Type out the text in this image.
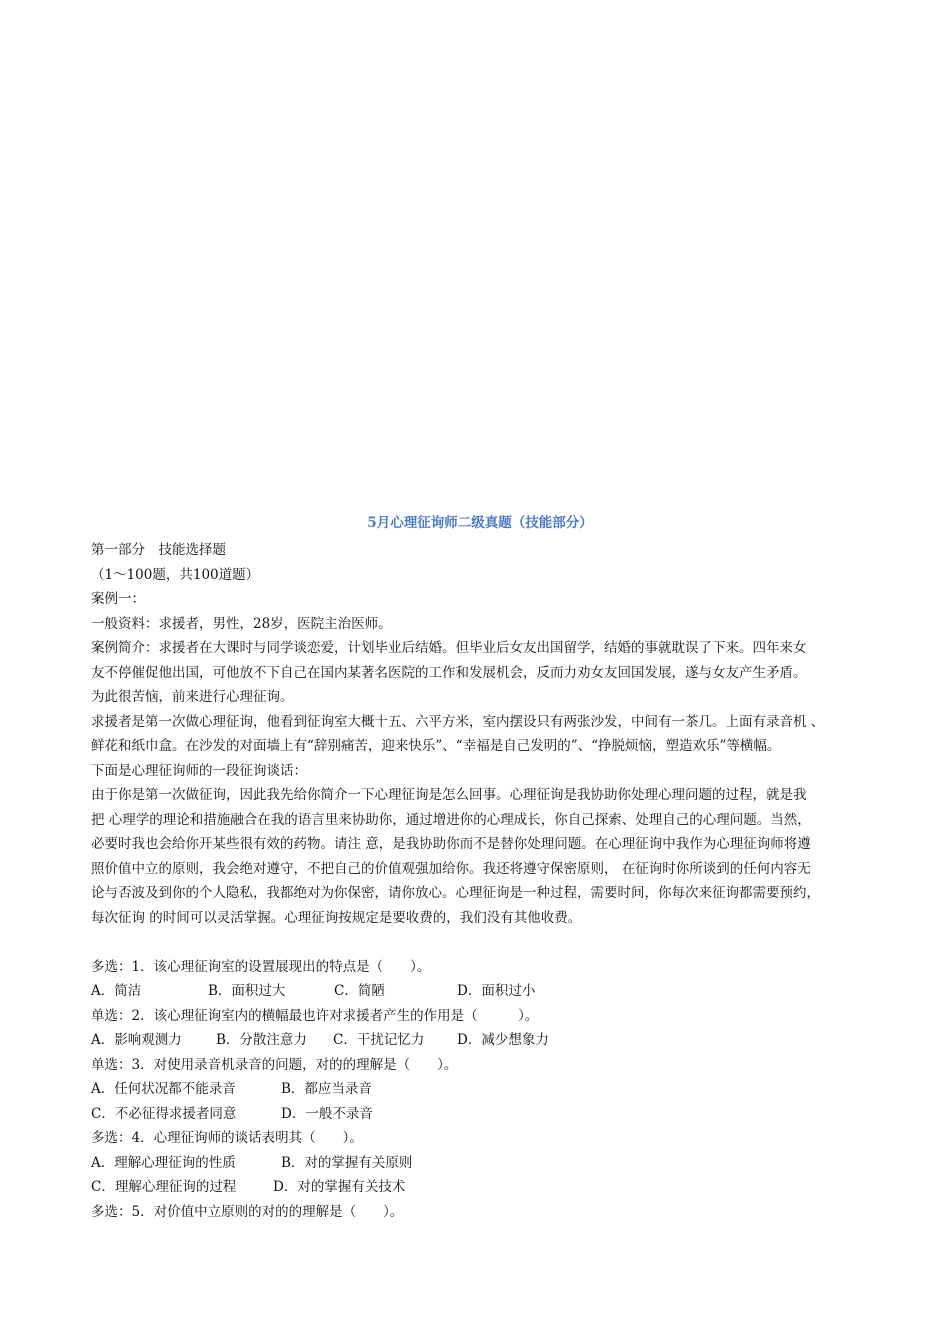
5月心理征询师二级真题（技能部分）
第一部分　技能选择题
（1～100题，共100道题）
案例一：
一般资料：求援者，男性，28岁，医院主治医师。
案例简介：求援者在大课时与同学谈恋爱，计划毕业后结婚。但毕业后女友出国留学，结婚的事就耽误了下来。四年来女
友不停催促他出国，可他放不下自己在国内某著名医院的工作和发展机会，反而力劝女友回国发展，遂与女友产生矛盾。
为此很苦恼，前来进行心理征询。
求援者是第一次做心理征询，他看到征询室大概十五、六平方米，室内摆设只有两张沙发，中间有一茶几。上面有录音机 、
鲜花和纸巾盒。在沙发的对面墙上有“辞别痛苦，迎来快乐”、“幸福是自己发明的”、“挣脱烦恼，塑造欢乐”等横幅。
下面是心理征询师的一段征询谈话：
由于你是第一次做征询，因此我先给你简介一下心理征询是怎么回事。心理征询是我协助你处理心理问题的过程，就是我
把 心理学的理论和措施融合在我的语言里来协助你，通过增进你的心理成长，你自己探索、处理自己的心理问题。当然，
必要时我也会给你开某些很有效的药物。请注 意，是我协助你而不是替你处理问题。在心理征询中我作为心理征询师将遵
照价值中立的原则，我会绝对遵守，不把自己的价值观强加给你。我还将遵守保密原则， 在征询时你所谈到的任何内容无
论与否波及到你的个人隐私，我都绝对为你保密，请你放心。心理征询是一种过程，需要时间，你每次来征询都需要预约，
每次征询 的时间可以灵活掌握。心理征询按规定是要收费的，我们没有其他收费。
多选：1．该心理征询室的设置展现出的特点是（　　）。
A．简洁	B．面积过大	C．简陋	D．面积过小
单选：2．该心理征询室内的横幅最也许对求援者产生的作用是（　　　）。
A．影响观测力	B．分散注意力 C．干扰记忆力 D．减少想象力
单选：3．对使用录音机录音的问题，对的的理解是（　　）。
A．任何状况都不能录音	B．都应当录音
C．不必征得求援者同意	D．一般不录音
多选：4．心理征询师的谈话表明其（　　）。
A．理解心理征询的性质	B．对的掌握有关原则
C．理解心理征询的过程	D．对的掌握有关技术
多选：5．对价值中立原则的对的的理解是（　　）。
